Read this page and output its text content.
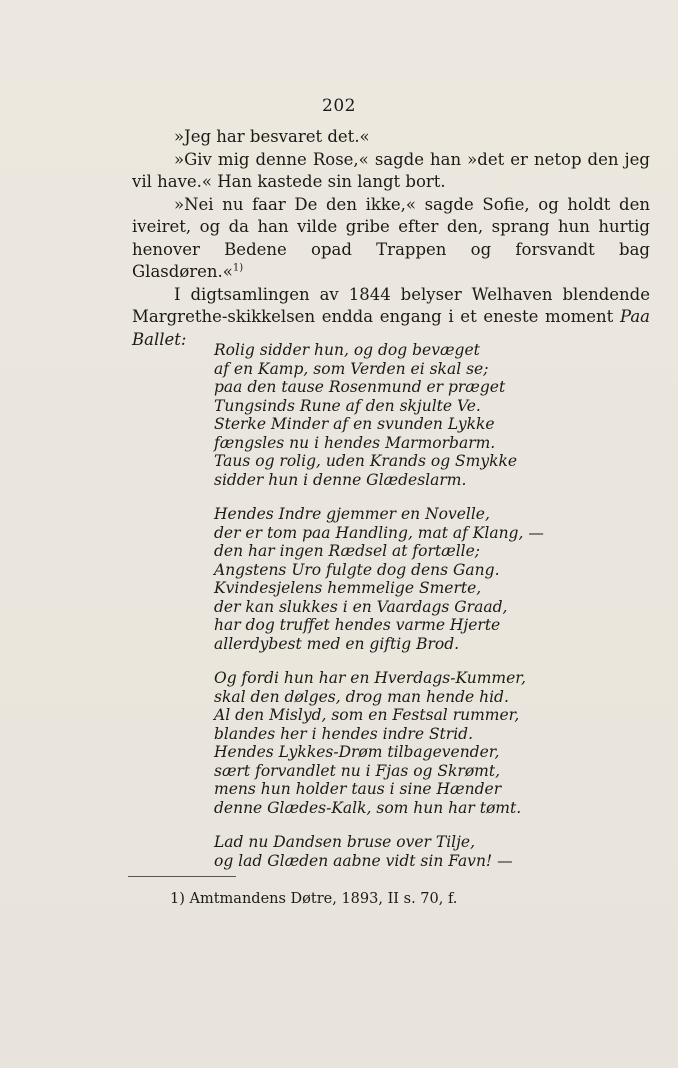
202

»Jeg har besvaret det.«

»Giv mig denne Rose,« sagde han »det er netop den jeg vil have.« Han kastede sin langt bort.

»Nei nu faar De den ikke,« sagde Sofie, og holdt den iveiret, og da han vilde gribe efter den, sprang hun hurtig henover Bedene opad Trappen og forsvandt bag Glasdøren.«$^{1)}$

I digtsamlingen av 1844 belyser Welhaven blendende Margrethe-skikkelsen endda engang i et eneste moment Paa Ballet:

Rolig sidder hun, og dog bevæget
af en Kamp, som Verden ei skal se;
paa den tause Rosenmund er præget
Tungsinds Rune af den skjulte Ve.
Sterke Minder af en svunden Lykke
fængsles nu i hendes Marmorbarm.
Taus og rolig, uden Krands og Smykke
sidder hun i denne Glædeslarm.
Hendes Indre gjemmer en Novelle,
der er tom paa Handling, mat af Klang, —
den har ingen Rædsel at fortælle;
Angstens Uro fulgte dog dens Gang.
Kvindesjelens hemmelige Smerte,
der kan slukkes i en Vaardags Graad,
har dog truffet hendes varme Hjerte
allerdybest med en giftig Brod.
Og fordi hun har en Hverdags-Kummer,
skal den dølges, drog man hende hid.
Al den Mislyd, som en Festsal rummer,
blandes her i hendes indre Strid.
Hendes Lykkes-Drøm tilbagevender,
sært forvandlet nu i Fjas og Skrømt,
mens hun holder taus i sine Hænder
denne Glædes-Kalk, som hun har tømt.
Lad nu Dandsen bruse over Tilje,
og lad Glæden aabne vidt sin Favn! —
1) Amtmandens Døtre, 1893, II s. 70, f.
